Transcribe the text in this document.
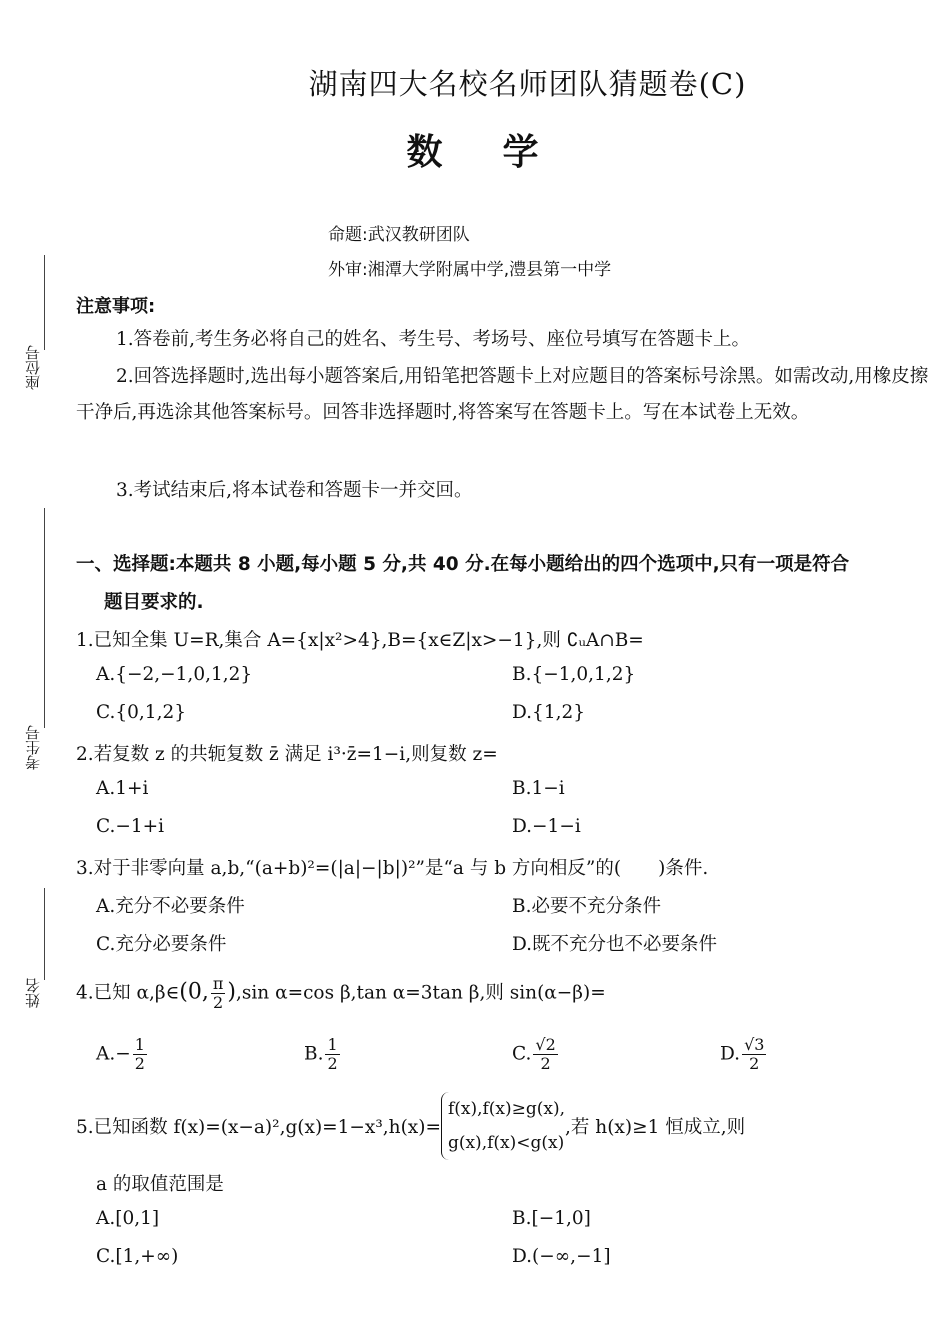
座位号
考生号
姓名
湖南四大名校名师团队猜题卷(C)
数学
命题:武汉教研团队
外审:湘潭大学附属中学,澧县第一中学
注意事项:
1.答卷前,考生务必将自己的姓名、考生号、考场号、座位号填写在答题卡上。
2.回答选择题时,选出每小题答案后,用铅笔把答题卡上对应题目的答案标号涂黑。如需改动,用橡皮擦干净后,再选涂其他答案标号。回答非选择题时,将答案写在答题卡上。写在本试卷上无效。
3.考试结束后,将本试卷和答题卡一并交回。
一、选择题:本题共 8 小题,每小题 5 分,共 40 分.在每小题给出的四个选项中,只有一项是符合
题目要求的.
1.已知全集 U=R,集合 A={x|x²>4},B={x∈Z|x>−1},则 ∁ᵤA∩B=
A.{−2,−1,0,1,2}	B.{−1,0,1,2}
C.{0,1,2}	D.{1,2}
2.若复数 z 的共轭复数 z̄ 满足 i³·z̄=1−i,则复数 z=
A.1+i	B.1−i
C.−1+i	D.−1−i
3.对于非零向量 a,b,“(a+b)²=(|a|−|b|)²”是“a 与 b 方向相反”的(　　)条件.
A.充分不必要条件	B.必要不充分条件
C.充分必要条件	D.既不充分也不必要条件
4.已知 α,β∈(0, $\frac{\pi}{2} ),\sin$ α=cos β,tan α=3tan β,则 sin(α−β)=
$A.- \frac{1}{2}$	B. $\frac{1}{2}$	C. $\frac{√2}{2}$	D. $\frac{√3}{2}$
5.已知函数 f(x)=(x−a)²,g(x)=1−x³,h(x)=
f(x),f(x)≥g(x),
g(x),f(x)<g(x)
,若 h(x)≥1 恒成立,则
a 的取值范围是
A.[0,1]	B.[−1,0]
C.[1,+∞)	D.(−∞,−1]
